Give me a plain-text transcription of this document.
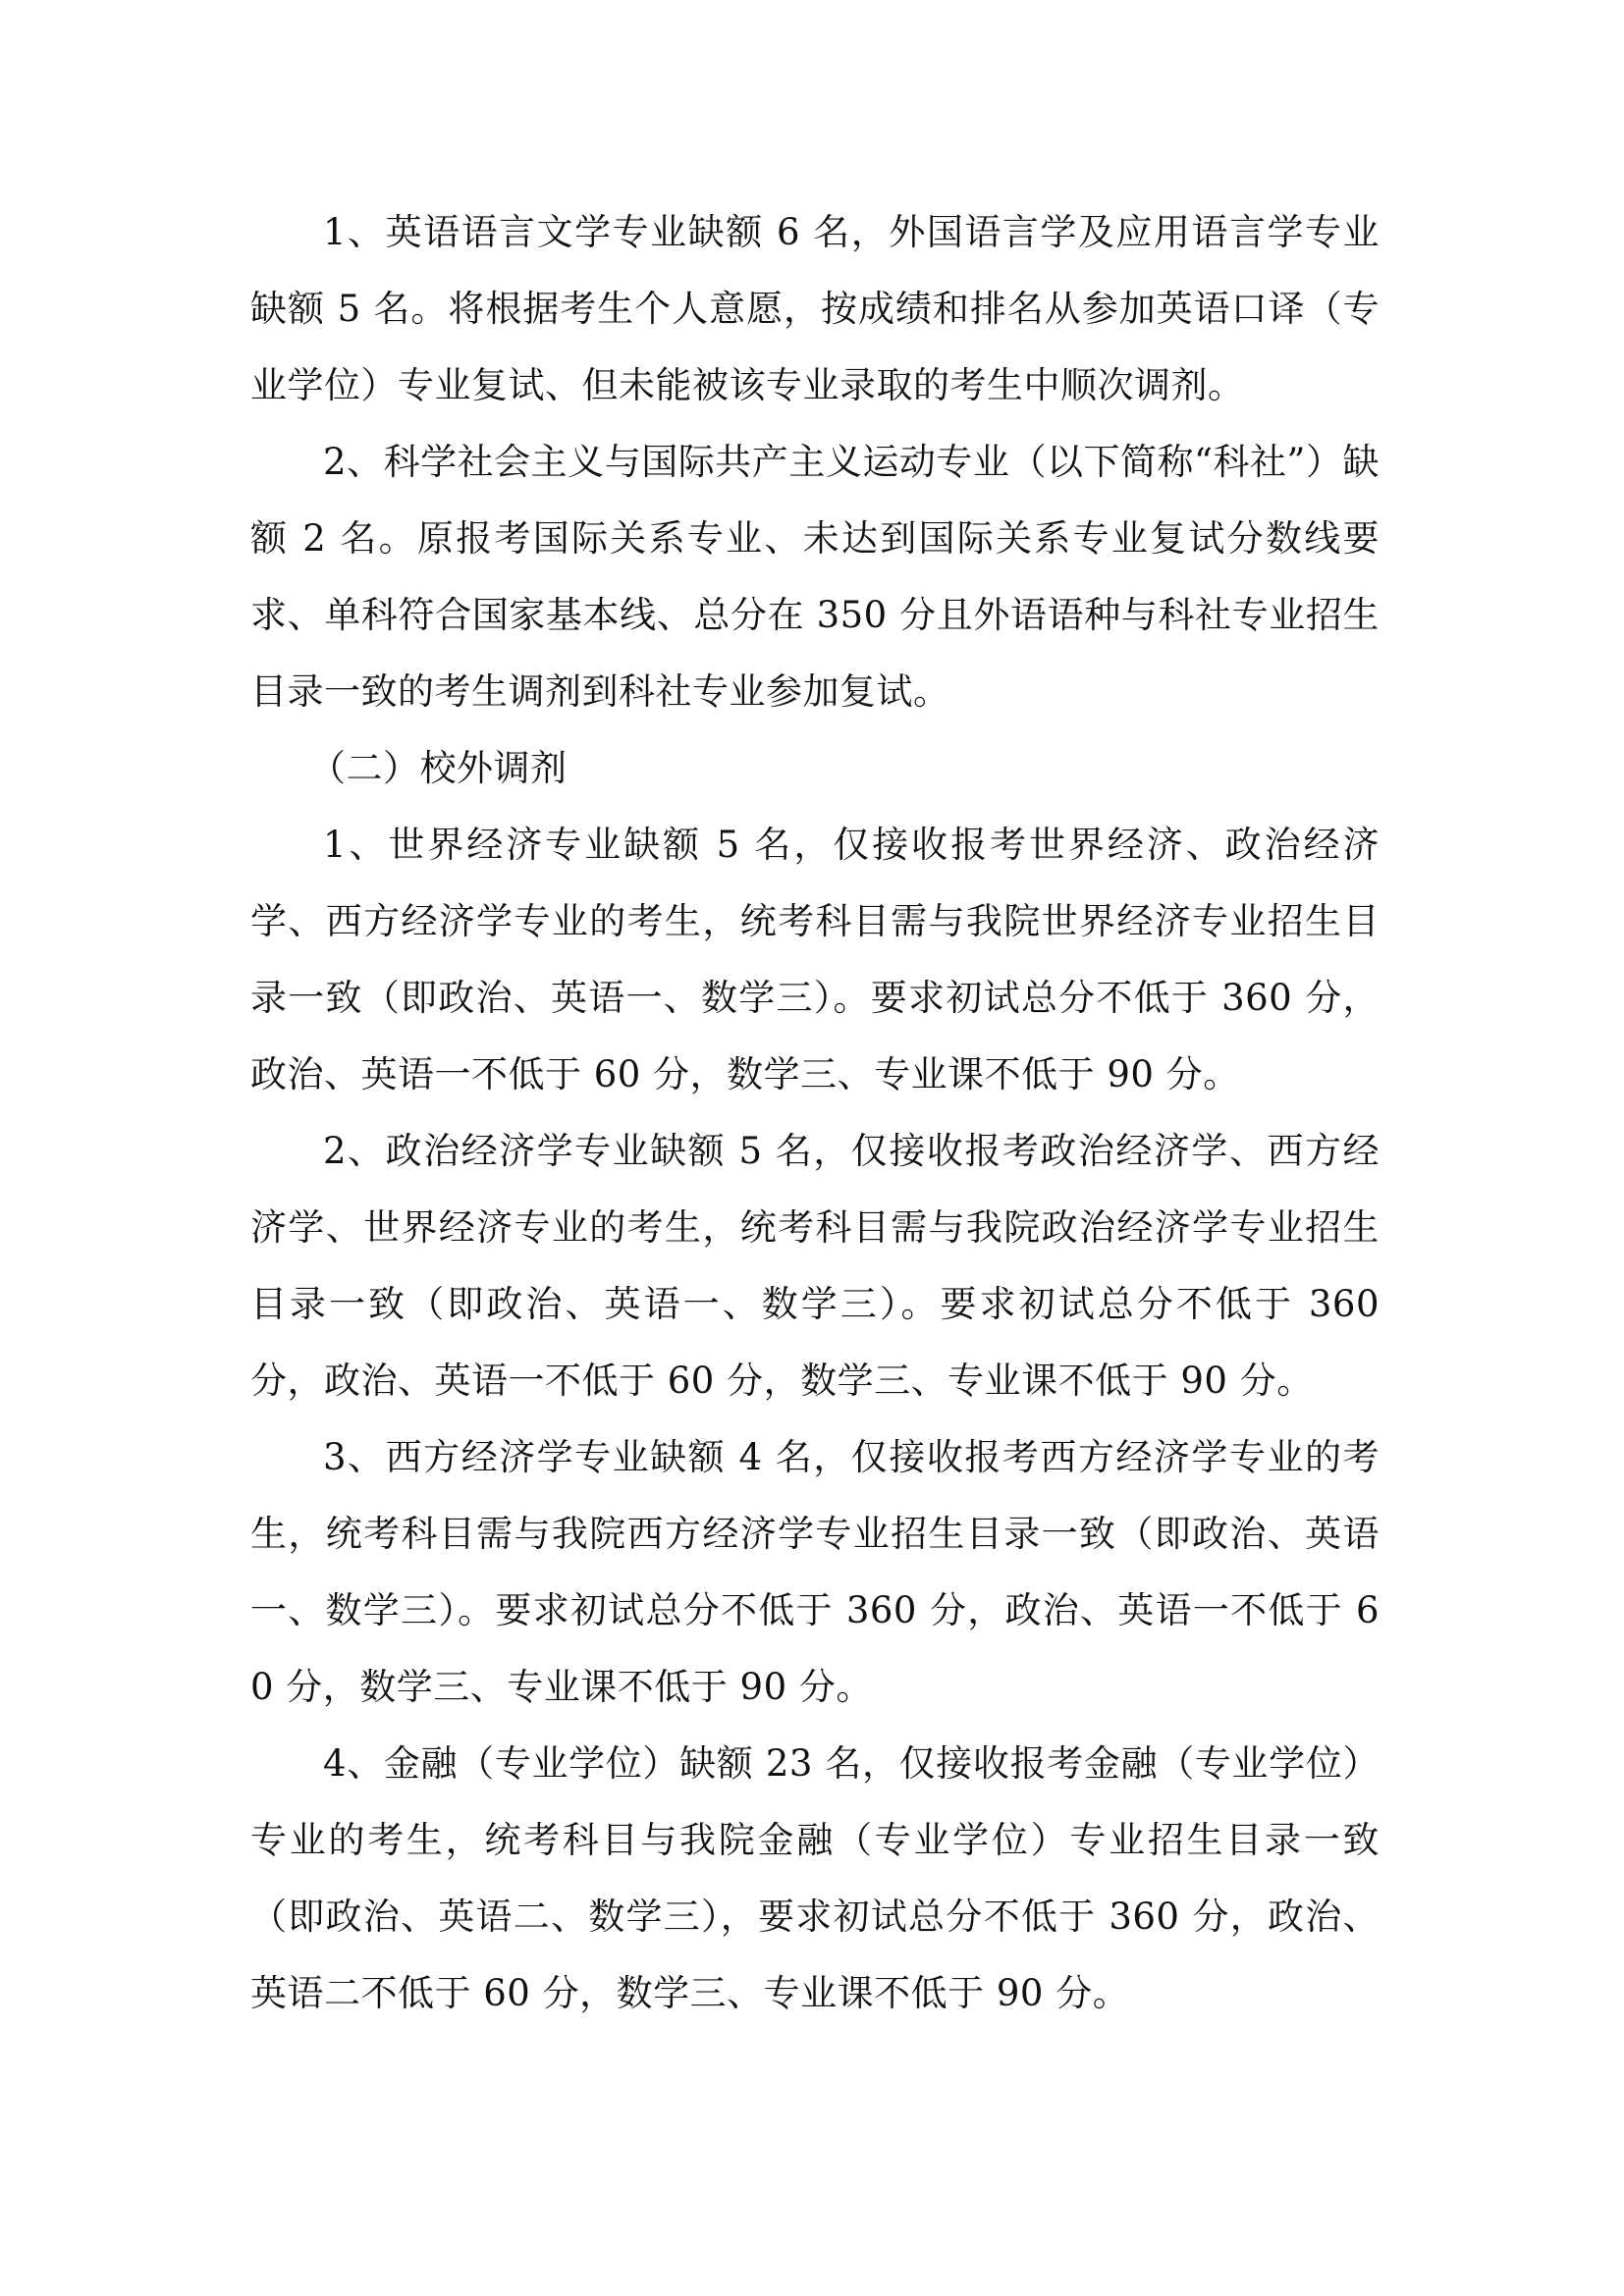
1、英语语言文学专业缺额 6 名，外国语言学及应用语言学专业缺额 5 名。将根据考生个人意愿，按成绩和排名从参加英语口译（专业学位）专业复试、但未能被该专业录取的考生中顺次调剂。

2、科学社会主义与国际共产主义运动专业（以下简称“科社”）缺额 2 名。原报考国际关系专业、未达到国际关系专业复试分数线要求、单科符合国家基本线、总分在 350 分且外语语种与科社专业招生目录一致的考生调剂到科社专业参加复试。

（二）校外调剂

1、世界经济专业缺额 5 名，仅接收报考世界经济、政治经济学、西方经济学专业的考生，统考科目需与我院世界经济专业招生目录一致（即政治、英语一、数学三）。要求初试总分不低于 360 分，政治、英语一不低于 60 分，数学三、专业课不低于 90 分。

2、政治经济学专业缺额 5 名，仅接收报考政治经济学、西方经济学、世界经济专业的考生，统考科目需与我院政治经济学专业招生目录一致（即政治、英语一、数学三）。要求初试总分不低于 360 分，政治、英语一不低于 60 分，数学三、专业课不低于 90 分。

3、西方经济学专业缺额 4 名，仅接收报考西方经济学专业的考生，统考科目需与我院西方经济学专业招生目录一致（即政治、英语一、数学三）。要求初试总分不低于 360 分，政治、英语一不低于 60 分，数学三、专业课不低于 90 分。

4、金融（专业学位）缺额 23 名，仅接收报考金融（专业学位）专业的考生，统考科目与我院金融（专业学位）专业招生目录一致（即政治、英语二、数学三），要求初试总分不低于 360 分，政治、英语二不低于 60 分，数学三、专业课不低于 90 分。
